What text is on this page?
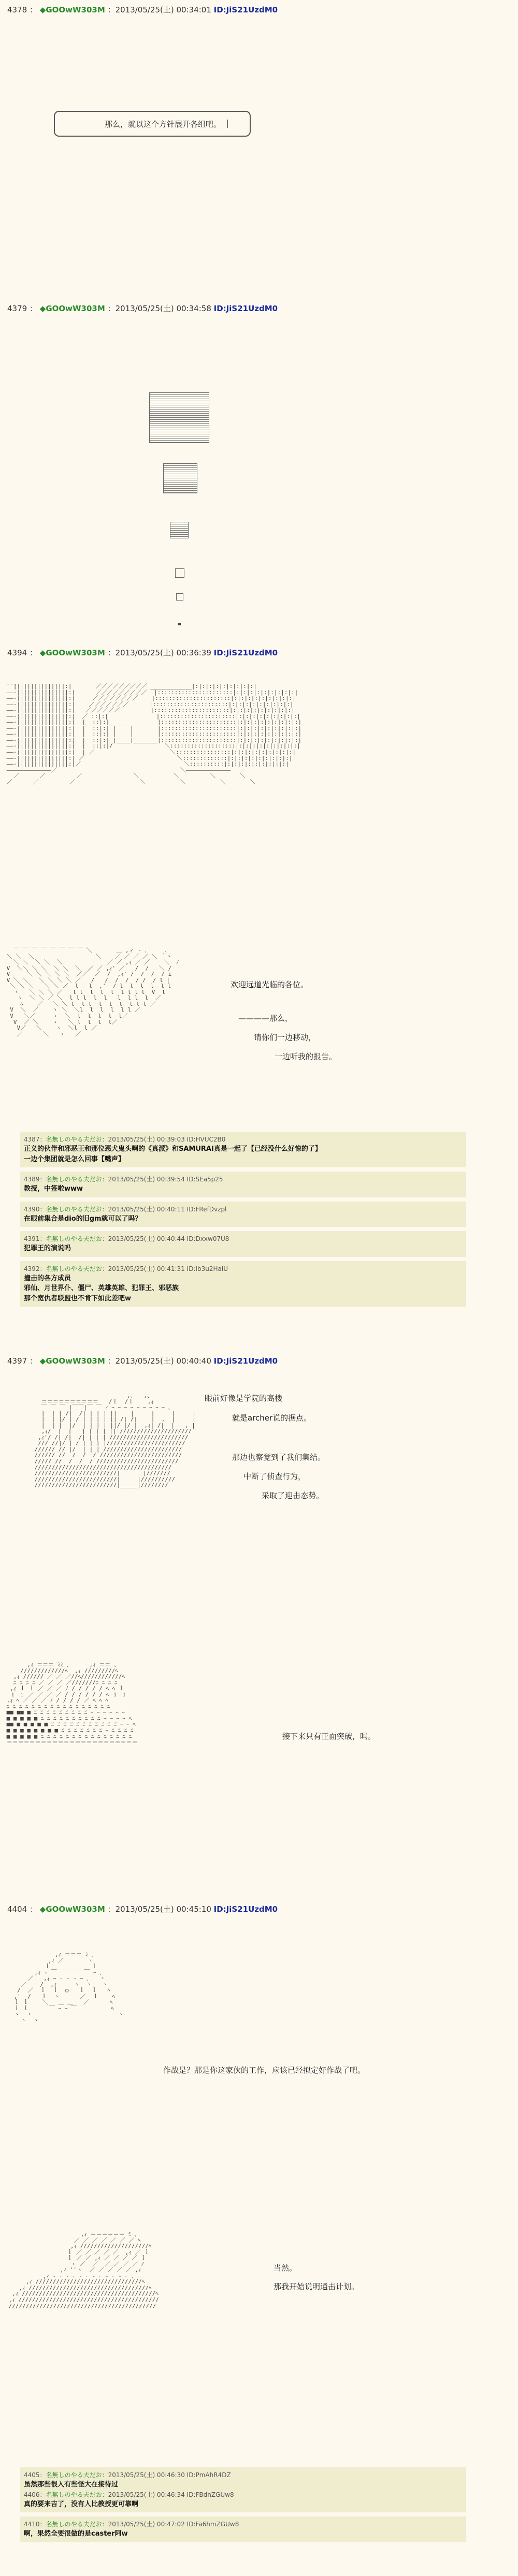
4378 ： ◆GOOwW303M ：2013/05/25(土) 00:34:01 ID:JiS21UzdM0
那么，就以这个方针展开各组吧。 |
4379 ： ◆GOOwW303M ：2013/05/25(土) 00:34:58 ID:JiS21UzdM0
4394 ： ◆GOOwW303M ：2013/05/25(土) 00:36:39 ID:JiS21UzdM0
̄ ̄ ̄|||||||||||||||:|       ／／／／／／／／／ ____________|:|:|:|:|:|:|:|:|:|
――‐|||||||||||||||:|      ／／／／／／／／／  |::::::::::::::::::::::|:|:|:|:|:|:|:|:|:|
――‐|||||||||||||||:|     ／／／／／／／／    |::::::::::::::::::::::|:|:|:|:|:|:|:|:|:|
――‐|||||||||||||||:|    ／／／／／／／      |::::::::::::::::::::::|:|:|:|:|:|:|:|:|:|
――‐|||||||||||||||:|   ／／／／／／         |::::::::::::::::::::::|:|:|:|:|:|:|:|:|:|
――‐|||||||||||||||:|  ／ ::|:|              |::::::::::::::::::::::|:|:|:|:|:|:|:|:|:|
――‐|||||||||||||||:|  |  ::|:|  ____        |::::::::::::::::::::::|:|:|:|:|:|:|:|:|:|
――‐|||||||||||||||:|  |  ::|:| |    |       |::::::::::::::::::::::|:|:|:|:|:|:|:|:|:|
――‐|||||||||||||||:|  |  ::|:| |    |       |::::::::::::::::::::::|:|:|:|:|:|:|:|:|:|
――‐|||||||||||||||:|  |  ::|:| |____|_______|::::::::::::::::::::::|:|:|:|:|:|:|:|:|:|
――‐|||||||||||||||:|  |  ::|:|/               ＼:::::::::::::::::::|:|:|:|:|:|:|:|:|:|
――‐|||||||||||||||:|  | ／                      ＼::::::::::::::::|:|:|:|:|:|:|:|:|:|
――‐|||||||||||||||:| ／                           ＼:::::::::::::|:|:|:|:|:|:|:|:|:|
――‐|||||||||||||||:|／                              ＼::::::::::|:|:|:|:|:|:|:|:|:|
―――――――――――――／                                    ＼―――――――――――――
／      ／         ／               ＼          ＼         ＼       ＼
／      ／         ／                   ＼          ＼          ＼       ＼

￣ ￣ ￣ ￣ ￣ ￣ ￣ ￣ ＼       ＿ ,ィ ‐ ､     、
＼ ＼  ＼                  ＼    ／ ／ ／ ／ ＼ ｀ヽ
＼ ＼  ＼ ＼  ＼             ／ ／ ,ｨ ／ ／    ＼  ﾉ
V  ＼＼ ＼ ＼  ＼ ＼  ＼  ／ ／ ,ｨ' ／   /  /   ＼ /
V     ＼ ＼ ＼ ＼ ＼  ／／  ／  /  ,ｨ' /  /  /  / i
V ＼ ＼   ＼ ＼ ＼ ＼ ／   /   /  /  /  / /  / l |
＼ ＼ ＼   ＼ ＼ ／  l   l  ,'  / l  l  l  l  l l
ヽ   ＼ ＼ ＼ ／   l l  l  l  l  l l l l  V  l
ヽ  ＼ ＼ ／ ＼  l l l  l  l   l  l l  l  ／
ﾍ    ／   ＼ ＼ l  l l  l  l  l  l l l ／
V  ＼  ／    ヽ ＼  ＼l  l  l  l  l l ／
V   ＼／     ヽ  ＼  l  l  l  l  l／
V  ／ ＼    ヽ   ＼ l  l  l  l／
V／   ＼    ヽ  ＼l  l ／
／      ＼   ヽ   ／

欢迎远道光临的各位。
————那么，
请你们一边移动，
一边听我的报告。
4387：名無しのやる夫だお：2013/05/25(土) 00:39:03 ID:HVUC2B0
正义的伙伴和邪恶王和那位恶犬鬼头啊的《真派》和SAMURAI真是一起了【已经没什么好惊的了】
一边个集团就是怎么回事【嘴声】
4389：名無しのやる夫だお：2013/05/25(土) 00:39:54 ID:SEa5p25
教授，中签啦www
4390：名無しのやる夫だお：2013/05/25(土) 00:40:11 ID:FRefDvzpl
在眼前集合是dio的旧gm就可以了吗？
4391：名無しのやる夫だお：2013/05/25(土) 00:40:44 ID:Dxxw07U8
犯罪王的演说吗
4392：名無しのやる夫だお：2013/05/25(土) 00:41:31 ID:Ib3u2HalU
撞击的各方成员
邪仙、月世界仆、僵尸、英雄英雄、犯罪王、邪恶族
那个宽仇者联盟也不肯下如此差吧w
4397 ： ◆GOOwW303M ：2013/05/25(土) 00:40:40 ID:JiS21UzdM0
＿ ＿ ＿ ＿ ＿ ＿       ,､   ,、
＝＝＝＝＝＝＝＝＝＝   /ｌ  /ｌ    ,ｨ
￣ ￣ ￣ |￣￣|￣ ￣ ｨ ｰ ｰ ｰ ｰ ｰ ｰ ｰ ｰ ｰ ､
|  | | /|  /| | | | ||    |     |     |     |
|  | |/ | / | | | | || /| /|    |  ,  |     |
|  | |  |/  | | | | ||/ |/ |  ,ｨ| /|  |   , |
,ｨ/  |  |   | | | | || /////////////////////
,ｨ'/ /| /|  /| | | | ///////////////////////
/// //|/ | / | | | |///////////////////////
////// // |/  | | | ///////////////////////
////// //  /  /  / ////////////////////////
///// //  /  /  / ////////////////////////
////////////////////////////////////////
////////////////////////|￣￣￣￣|///////
////////////////////////|     |//////////
////////////////////////|_____|////////

眼前好像是学院的高楼
就是archer说的据点。
那边也察觉到了我们集结。
中断了侦查行为，
采取了迎击态势。
,ｨ ＝＝＝ ﾐﾐ 、     ,ｨ ＝＝ 、
/////////////ﾍ  ,ｨ /////////ﾍ
,ｨ ////// ／ ／ ／//ﾍ////////////ﾍ
ﾆ ﾆ ﾆ ﾆ ／ ／ ／ ／///////ﾆ ﾆ ﾆ ﾆ
,ｨ ｌ ｌ ／ ／ ／ ﾉ / / / / / ﾍ ﾍ ｌ
ｉ ｉ ／ ／ ／ ／ / / / / / / ﾍ ｉ ｉ
,ｨ ﾍ ／ ／ ／ ﾉ / / / / ／ ﾍ ﾍ ﾍ
ﾆ ﾆ ﾆ ﾆ ﾆ ﾆ ﾆ ﾆ ﾆ ﾆ ﾆ ﾆ ﾆ ﾆ ﾆ ﾆ ﾆ
■■ ■■ ■ ﾆ ﾆ ﾆ ﾆ ﾆ ﾆ ﾆ ﾆ ﾆ ｰ ｰ ｰ ｰ ｰ ｰ
■ ■ ■ ■ ■ ﾆ ﾆ ﾆ ﾆ ﾆ ﾆ ﾆ ﾆ ﾆ ﾆ ｰ ｰ ｰ ｰ ﾍ
■■ ■ ■ ■ ■ ■ ﾆ ﾆ ﾆ ﾆ ﾆ ﾆ ﾆ ﾆ ﾆ ﾆ ﾆ ｰ ｰ ﾍ
■ ■ ■ ■ ■ ■ ■ ■ ﾆ ﾆ ﾆ ﾆ ﾆ ﾆ ﾆ ｰ ﾆ ﾆ ﾆ ﾆ
■ ■ ■ ■ ■ ﾆ ﾆ ﾆ ﾆ ﾆ ﾆ ﾆ ﾆ ﾆ ﾆ ﾆ ﾆ ﾆ ﾆ ﾆ
＝＝＝＝＝＝＝＝＝＝＝＝＝＝＝＝＝＝＝＝＝＝＝

接下来只有正面突破，吗。
4404 ： ◆GOOwW303M ：2013/05/25(土) 00:45:10 ID:JiS21UzdM0
,ｨ ＝＝＝ ﾐ 、
,ｨ ／       ヽ
ｌ ＿＿＿＿＿＿ ｌ
,ｨ ‐ ￣        ￣ ｰ ､
／   ,ｨ ｰ ‐ ‐ ‐ ｰ ､   ヽ
／    /  ,ｨ     ヽ  ヽ   ヽ
/  ／  ｌ  ｌ  ○   ｌ  ｌ   ﾍ
,'  /   ｌ  ヽ      ／  ｌ    ﾍ
ｌ ｌ    ＼   ＿ ＿   ／      ﾍ
ｌ ｌ      ￣ ｰ ｰ ￣          ﾍ
ヽ  ヽ                         ヽ
ヽ  ヽ

作战是？那是你这家伙的工作，应该已经拟定好作战了吧。
,ｨ ＝＝＝＝＝＝ ﾐ 、
／ ／ ／ ／ ／ ／ ／ ﾍ
,ｨ ////////////////////ﾍ
ｌ ／ ／ ／ ／ ／  ,ｨ ／ ｌ
ｌ ／ ／ ,ｨ ／ ／ ／ ／ ｌ
ヽ ／  ／  ／ ／ ／ ／ ﾉ
,ｨ ''ヽ  ／ ／ ／ ／ ／ ,ｨ
,ｨ ‐ ｰ ‐ ｰ ‐ ｰ ‐ ｰ ‐ ｰ ‐ ｰ ､
,ｨ ///////////////////////////////ﾍ
,ｨ ///////////////////////////////////ﾍ
,ｨ ///////////////////////////////////////ﾍ
,ｨ /////////////////////////////////////////
///////////////////////////////////////////

当然。
那我开始说明通击计划。
4405：名無しのやる夫だお：2013/05/25(土) 00:46:30 ID:PmAhR4DZ
虽然那些很入有些怪大在接待过
4406：名無しのやる夫だお：2013/05/25(土) 00:46:34 ID:FBdnZGUw8
真的要来吉了，没有人比教授更可靠啊
4410：名無しのやる夫だお：2013/05/25(土) 00:47:02 ID:Fa6hmZGUw8
啊，果然全要很做的是caster阿w
